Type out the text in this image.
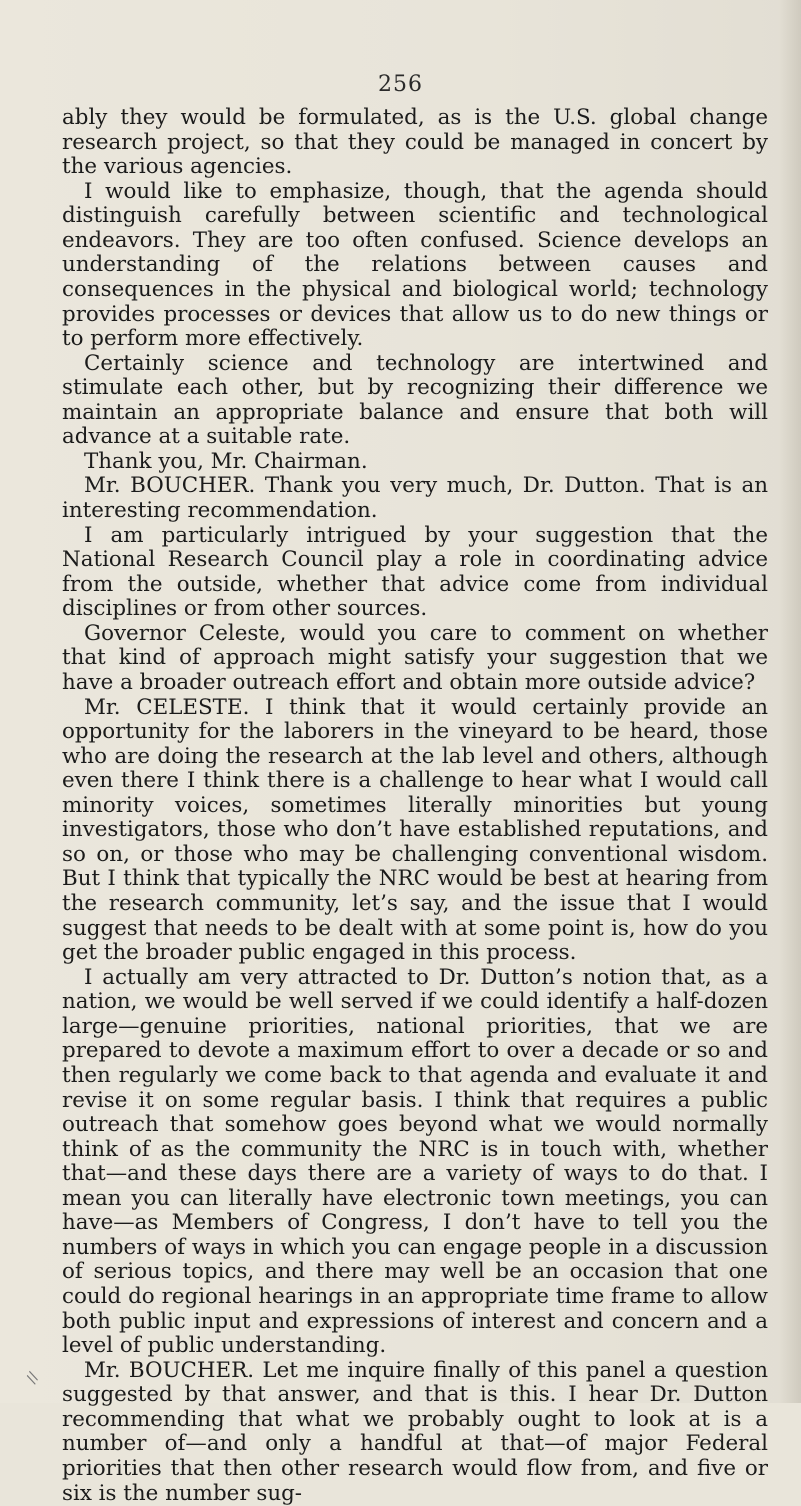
256

ably they would be formulated, as is the U.S. global change research project, so that they could be managed in concert by the various agencies.

I would like to emphasize, though, that the agenda should distinguish carefully between scientific and technological endeavors. They are too often confused. Science develops an understanding of the relations between causes and consequences in the physical and biological world; technology provides processes or devices that allow us to do new things or to perform more effectively.

Certainly science and technology are intertwined and stimulate each other, but by recognizing their difference we maintain an appropriate balance and ensure that both will advance at a suitable rate.

Thank you, Mr. Chairman.

Mr. BOUCHER. Thank you very much, Dr. Dutton. That is an interesting recommendation.

I am particularly intrigued by your suggestion that the National Research Council play a role in coordinating advice from the outside, whether that advice come from individual disciplines or from other sources.

Governor Celeste, would you care to comment on whether that kind of approach might satisfy your suggestion that we have a broader outreach effort and obtain more outside advice?

Mr. CELESTE. I think that it would certainly provide an opportunity for the laborers in the vineyard to be heard, those who are doing the research at the lab level and others, although even there I think there is a challenge to hear what I would call minority voices, sometimes literally minorities but young investigators, those who don’t have established reputations, and so on, or those who may be challenging conventional wisdom. But I think that typically the NRC would be best at hearing from the research community, let’s say, and the issue that I would suggest that needs to be dealt with at some point is, how do you get the broader public engaged in this process.

I actually am very attracted to Dr. Dutton’s notion that, as a nation, we would be well served if we could identify a half-dozen large—genuine priorities, national priorities, that we are prepared to devote a maximum effort to over a decade or so and then regularly we come back to that agenda and evaluate it and revise it on some regular basis. I think that requires a public outreach that somehow goes beyond what we would normally think of as the community the NRC is in touch with, whether that—and these days there are a variety of ways to do that. I mean you can literally have electronic town meetings, you can have—as Members of Congress, I don’t have to tell you the numbers of ways in which you can engage people in a discussion of serious topics, and there may well be an occasion that one could do regional hearings in an appropriate time frame to allow both public input and expressions of interest and concern and a level of public understanding.

Mr. BOUCHER. Let me inquire finally of this panel a question suggested by that answer, and that is this. I hear Dr. Dutton recommending that what we probably ought to look at is a number of—and only a handful at that—of major Federal priorities that then other research would flow from, and five or six is the number sug-

//
